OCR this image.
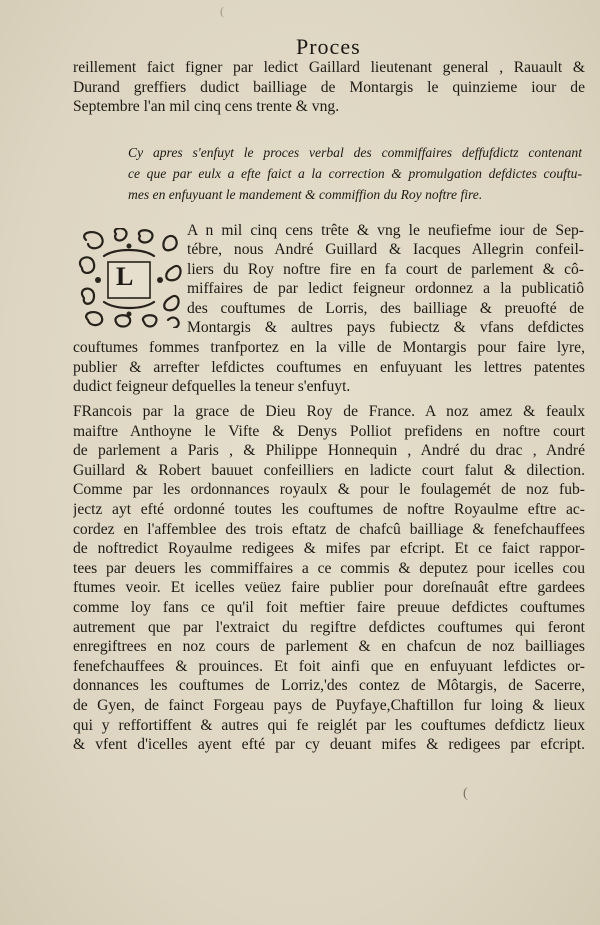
(
Proces
reillement faict figner par ledict Gaillard lieutenant general , Rauault &
Durand greffiers dudict bailliage de Montargis le quinzieme iour de
Septembre l'an mil cinq cens trente & vng.
Cy apres s'enfuyt le proces verbal des commiffaires deffufdictz contenant
ce que par eulx a efte faict a la correction & promulgation defdictes couftu-
mes en enfuyuant le mandement & commiffion du Roy noftre fire.
L
A n mil cinq cens trête & vng le neufiefme iour de Sep-
tébre, nous André Guillard & Iacques Allegrin confeil-
liers du Roy noftre fire en fa court de parlement & cô-
miffaires de par ledict feigneur ordonnez a la publicatiô
des couftumes de Lorris, des bailliage & preuofté de
Montargis & aultres pays fubiectz & vfans defdictes
couftumes fommes tranfportez en la ville de Montargis pour faire lyre,
publier & arrefter lefdictes couftumes en enfuyuant les lettres patentes
dudict feigneur defquelles la teneur s'enfuyt.
FRancois par la grace de Dieu Roy de France. A noz amez & feaulx
maiftre Anthoyne le Vifte & Denys Polliot prefidens en noftre court
de parlement a Paris , & Philippe Honnequin , André du drac , André
Guillard & Robert bauuet confeilliers en ladicte court falut & dilection.
Comme par les ordonnances royaulx & pour le foulagemét de noz fub-
jectz ayt efté ordonné toutes les couftumes de noftre Royaulme eftre ac-
cordez en l'affemblee des trois eftatz de chafcû bailliage & fenefchauffees
de noftredict Royaulme redigees & mifes par efcript. Et ce faict rappor-
tees par deuers les commiffaires a ce commis & deputez pour icelles cou
ftumes veoir. Et icelles veüez faire publier pour doreſnauât eftre gardees
comme loy fans ce qu'il foit meftier faire preuue defdictes couftumes
autrement que par l'extraict du regiftre defdictes couftumes qui feront
enregiftrees en noz cours de parlement & en chafcun de noz bailliages
fenefchauffees & prouinces. Et foit ainfi que en enfuyuant lefdictes or-
donnances les couftumes de Lorriz,'des contez de Môtargis, de Sacerre,
de Gyen, de fainct Forgeau pays de Puyfaye,Chaftillon fur loing & lieux
qui y reffortiffent & autres qui fe reiglét par les couftumes defdictz lieux
& vfent d'icelles ayent efté par cy deuant mifes & redigees par efcript.
(
